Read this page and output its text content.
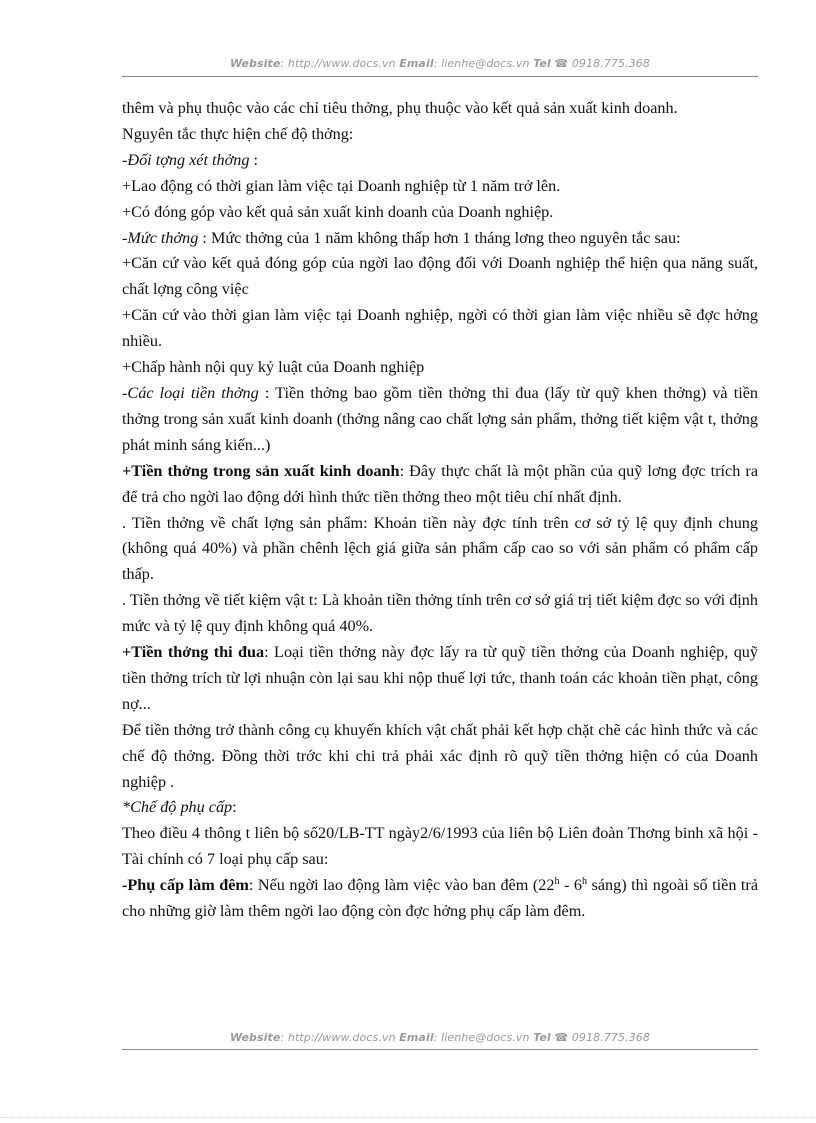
Website: http://www.docs.vn Email: lienhe@docs.vn Tel ☎: 0918.775.368

thêm và phụ thuộc vào các chỉ tiêu thởng, phụ thuộc vào kết quả sản xuất kinh doanh.

Nguyên tắc thực hiện chế độ thởng:

-Đối tợng xét thởng :

+Lao động có thời gian làm việc tại Doanh nghiệp từ 1 năm trở lên.

+Có đóng góp vào kết quả sản xuất kinh doanh của Doanh nghiệp.

-Mức thởng : Mức thởng của 1 năm không thấp hơn 1 tháng lơng theo nguyên tắc sau:

+Căn cứ vào kết quả đóng góp của ngời lao động đối với Doanh nghiệp thể hiện qua năng suất, chất lợng công việc

+Căn cứ vào thời gian làm việc tại Doanh nghiệp, ngời có thời gian làm việc nhiều sẽ đợc hởng nhiều.

+Chấp hành nội quy kỷ luật của Doanh nghiệp

-Các loại tiền thởng : Tiền thởng bao gồm tiền thởng thi đua (lấy từ quỹ khen thởng) và tiền thởng trong sản xuất kinh doanh (thởng nâng cao chất lợng sản phẩm, thởng tiết kiệm vật t, thởng phát minh sáng kiến...)

+Tiền thởng trong sản xuất kinh doanh: Đây thực chất là một phần của quỹ lơng đợc trích ra để trả cho ngời lao động dới hình thức tiền thởng theo một tiêu chí nhất định.

. Tiền thởng về chất lợng sản phẩm: Khoản tiền này đợc tính trên cơ sở tỷ lệ quy định chung (không quá 40%) và phần chênh lệch giá giữa sản phẩm cấp cao so với sản phẩm có phẩm cấp thấp.

. Tiền thởng về tiết kiệm vật t: Là khoản tiền thởng tính trên cơ sở giá trị tiết kiệm đợc so với định mức và tỷ lệ quy định không quá 40%.

+Tiền thởng thi đua: Loại tiền thởng này đợc lấy ra từ quỹ tiền thởng của Doanh nghiệp, quỹ tiền thởng trích từ lợi nhuận còn lại sau khi nộp thuế lợi tức, thanh toán các khoản tiền phạt, công nợ...

Để tiền thởng trở thành công cụ khuyến khích vật chất phải kết hợp chặt chẽ các hình thức và các chế độ thởng. Đồng thời trớc khi chi trả phải xác định rõ quỹ tiền thởng hiện có của Doanh nghiệp .

*Chế độ phụ cấp:

Theo điều 4 thông t liên bộ số20/LB-TT ngày2/6/1993 của liên bộ Liên đoàn Thơng binh xã hội - Tài chính có 7 loại phụ cấp sau:

-Phụ cấp làm đêm: Nếu ngời lao động làm việc vào ban đêm (22$^h$ - 6$^h$ sáng) thì ngoài số tiền trả cho những giờ làm thêm ngời lao động còn đợc hởng phụ cấp làm đêm.

Website: http://www.docs.vn Email: lienhe@docs.vn Tel ☎: 0918.775.368
